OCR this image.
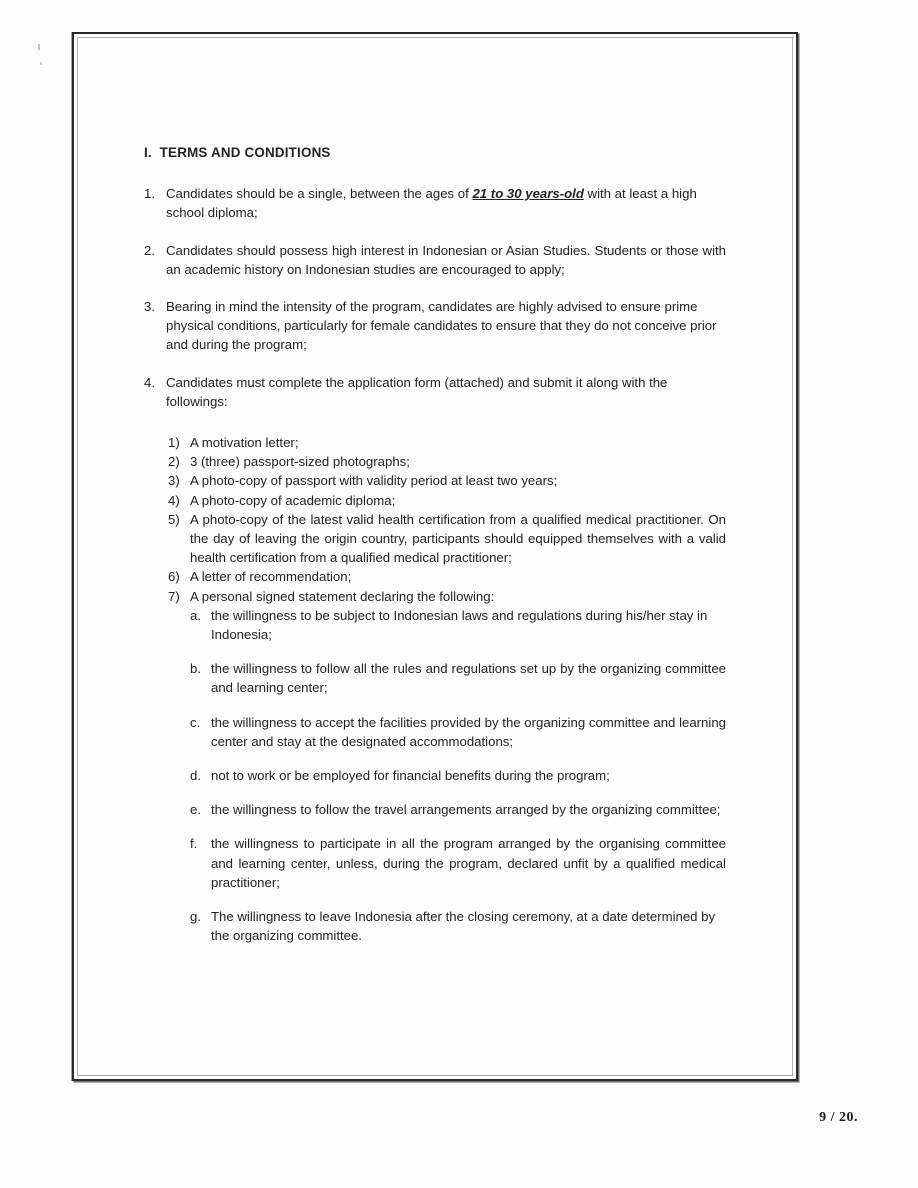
I.  TERMS AND CONDITIONS
1. Candidates should be a single, between the ages of 21 to 30 years-old with at least a high school diploma;
2. Candidates should possess high interest in Indonesian or Asian Studies. Students or those with an academic history on Indonesian studies are encouraged to apply;
3. Bearing in mind the intensity of the program, candidates are highly advised to ensure prime physical conditions, particularly for female candidates to ensure that they do not conceive prior and during the program;
4. Candidates must complete the application form (attached) and submit it along with the followings:
1) A motivation letter;
2) 3 (three) passport-sized photographs;
3) A photo-copy of passport with validity period at least two years;
4) A photo-copy of academic diploma;
5) A photo-copy of the latest valid health certification from a qualified medical practitioner. On the day of leaving the origin country, participants should equipped themselves with a valid health certification from a qualified medical practitioner;
6) A letter of recommendation;
7) A personal signed statement declaring the following:
a. the willingness to be subject to Indonesian laws and regulations during his/her stay in Indonesia;
b. the willingness to follow all the rules and regulations set up by the organizing committee and learning center;
c. the willingness to accept the facilities provided by the organizing committee and learning center and stay at the designated accommodations;
d. not to work or be employed for financial benefits during the program;
e. the willingness to follow the travel arrangements arranged by the organizing committee;
f.	the willingness to participate in all the program arranged by the organising committee and learning center, unless, during the program, declared unfit by a qualified medical practitioner;
g. The willingness to leave Indonesia after the closing ceremony, at a date determined by the organizing committee.
9 / 20.
